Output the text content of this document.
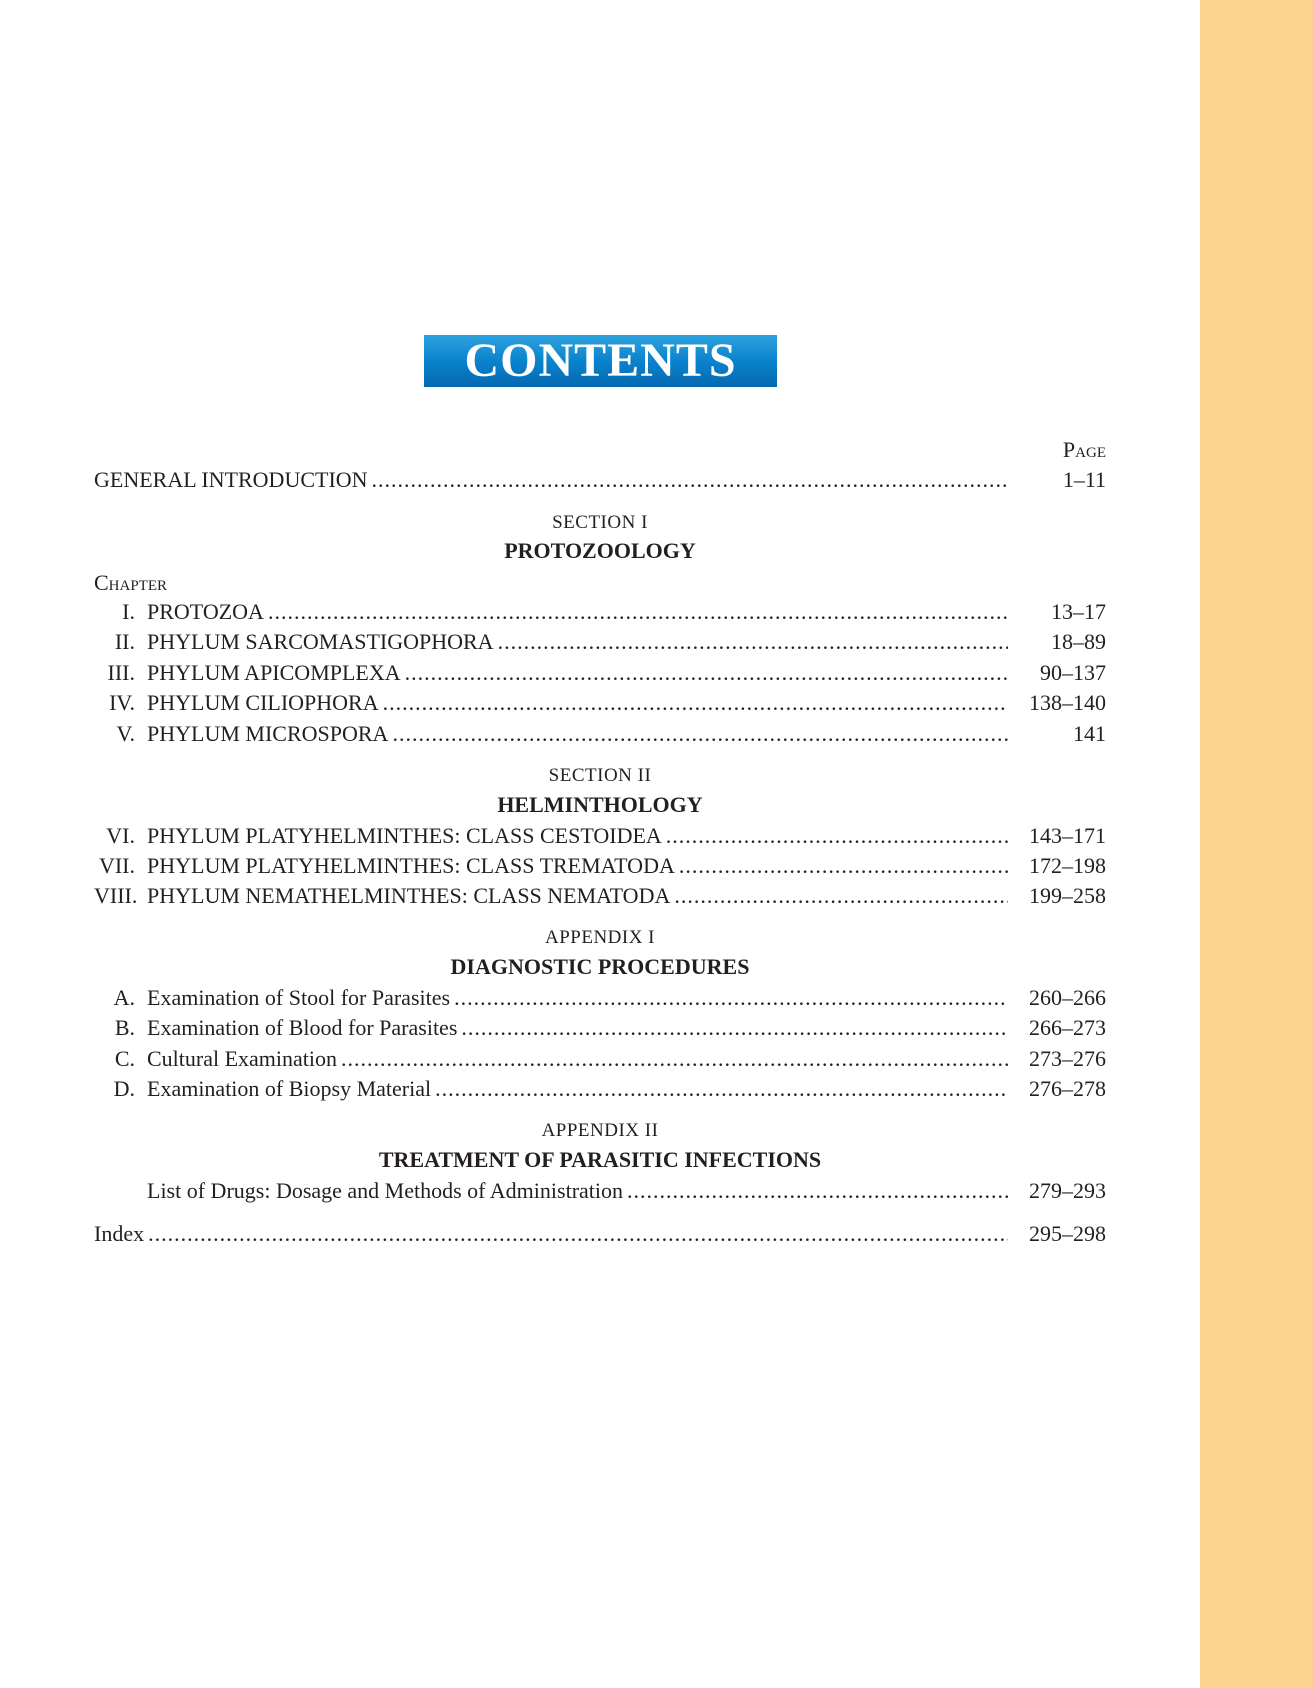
CONTENTS
Page
GENERAL INTRODUCTION .....	1–11
SECTION I
PROTOZOOLOGY
Chapter
I. PROTOZOA .....	13–17
II. PHYLUM SARCOMASTIGOPHORA .....	18–89
III. PHYLUM APICOMPLEXA .....	90–137
IV. PHYLUM CILIOPHORA .....	138–140
V. PHYLUM MICROSPORA .....	141
SECTION II
HELMINTHOLOGY
VI. PHYLUM PLATYHELMINTHES: CLASS CESTOIDEA .....	143–171
VII. PHYLUM PLATYHELMINTHES: CLASS TREMATODA .....	172–198
VIII. PHYLUM NEMATHELMINTHES: CLASS NEMATODA .....	199–258
APPENDIX I
DIAGNOSTIC PROCEDURES
A. Examination of Stool for Parasites .....	260–266
B. Examination of Blood for Parasites .....	266–273
C. Cultural Examination .....	273–276
D. Examination of Biopsy Material .....	276–278
APPENDIX II
TREATMENT OF PARASITIC INFECTIONS
List of Drugs: Dosage and Methods of Administration .....	279–293
Index .....	295–298
